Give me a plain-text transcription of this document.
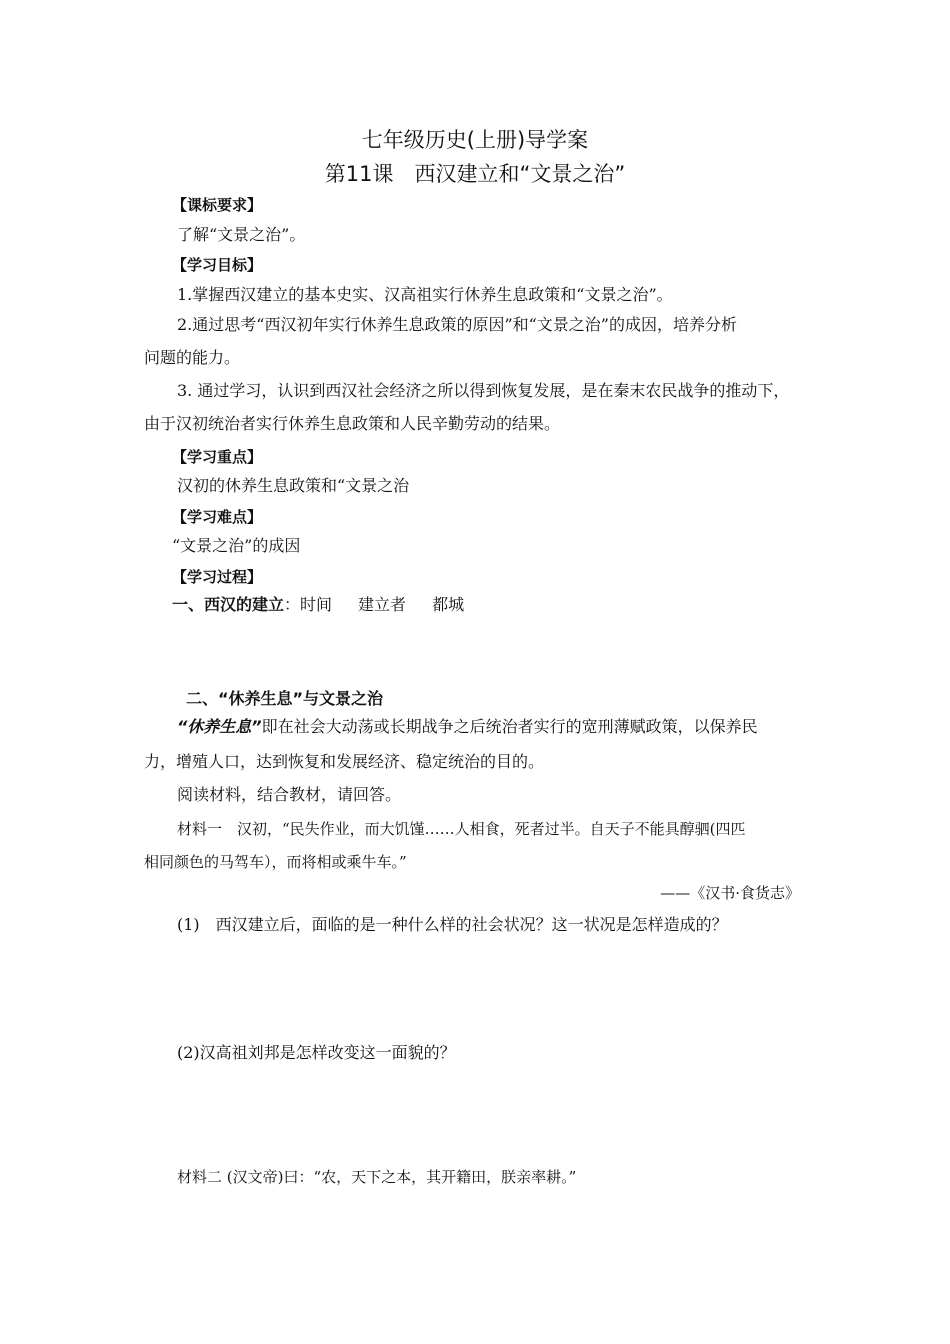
七年级历史(上册)导学案
第11课　西汉建立和“文景之治”
【课标要求】
了解“文景之治”。
【学习目标】
1.掌握西汉建立的基本史实、汉高祖实行休养生息政策和“文景之治”。
2.通过思考“西汉初年实行休养生息政策的原因”和“文景之治”的成因，培养分析
问题的能力。
3. 通过学习，认识到西汉社会经济之所以得到恢复发展，是在秦末农民战争的推动下，
由于汉初统治者实行休养生息政策和人民辛勤劳动的结果。
【学习重点】
汉初的休养生息政策和“文景之治
【学习难点】
“文景之治”的成因
【学习过程】
一、西汉的建立：时间 建立者 都城
二、“休养生息”与文景之治
“休养生息”即在社会大动荡或长期战争之后统治者实行的宽刑薄赋政策，以保养民
力，增殖人口，达到恢复和发展经济、稳定统治的目的。
阅读材料，结合教材，请回答。
材料一　汉初，“民失作业，而大饥馑……人相食，死者过半。自天子不能具醇驷(四匹
相同颜色的马驾车），而将相或乘牛车。”
——《汉书·食货志》
(1)　西汉建立后，面临的是一种什么样的社会状况？这一状况是怎样造成的？
(2)汉高祖刘邦是怎样改变这一面貌的？
材料二 (汉文帝)曰：“农，天下之本，其开籍田，朕亲率耕。”
